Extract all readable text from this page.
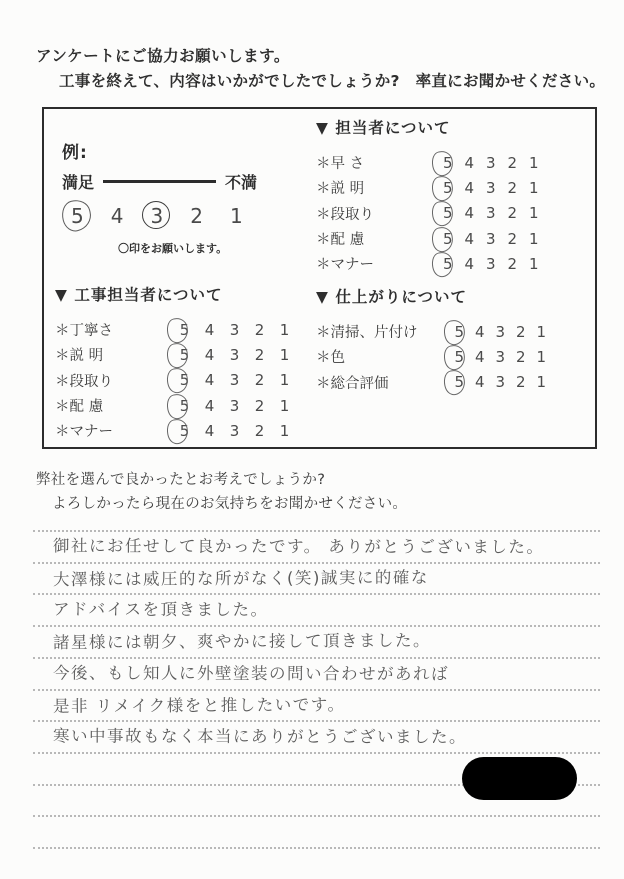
アンケートにご協力お願いします。
工事を終えて、内容はいかがでしたでしょうか?　率直にお聞かせください。
例:
満足	不満
5 4 3 2 1
〇印をお願いします。
▼ 担当者について
＊早 さ	5 4 3 2 1
＊説 明	5 4 3 2 1
＊段取り	5 4 3 2 1
＊配 慮	5 4 3 2 1
＊マナー	5 4 3 2 1
▼ 工事担当者について
＊丁寧さ	5	4	3	2	1
＊説 明	5	4	3	2	1
＊段取り	5	4	3	2	1
＊配 慮	5	4	3	2	1
＊マナー	5	4	3	2	1
▼ 仕上がりについて
＊清掃、片付け	5 4 3 2 1
＊色	5 4 3 2 1
＊総合評価	5 4 3 2 1
弊社を選んで良かったとお考えでしょうか?
よろしかったら現在のお気持ちをお聞かせください。
御社にお任せして良かったです。 ありがとうございました。
大澤様には威圧的な所がなく(笑)誠実に的確な
アドバイスを頂きました。
諸星様には朝夕、爽やかに接して頂きました。
今後、もし知人に外壁塗装の問い合わせがあれば
是非 リメイク様をと推したいです。
寒い中事故もなく本当にありがとうございました。
